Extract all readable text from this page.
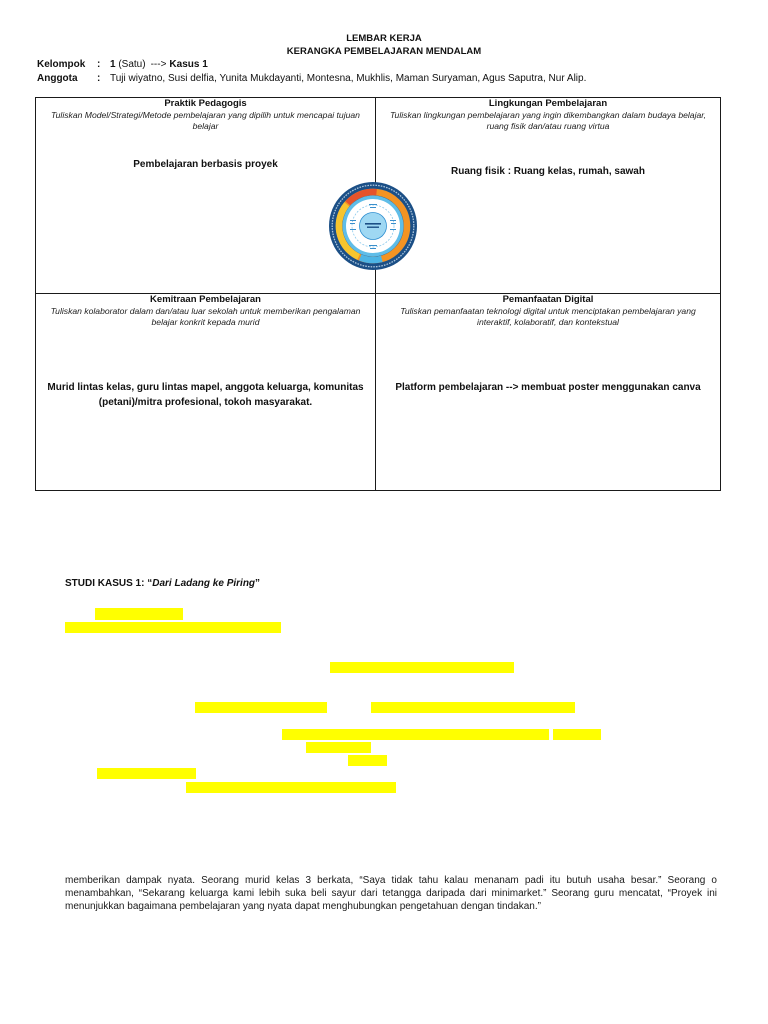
LEMBAR KERJA
KERANGKA PEMBELAJARAN MENDALAM
Kelompok : 1 (Satu) ---> Kasus 1
Anggota : Tuji wiyatno, Susi delfia, Yunita Mukdayanti, Montesna, Mukhlis, Maman Suryaman, Agus Saputra, Nur Alip.
Praktik Pedagogis
Tuliskan Model/Strategi/Metode pembelajaran yang dipilih untuk mencapai tujuan belajar
Pembelajaran berbasis proyek
Lingkungan Pembelajaran
Tuliskan lingkungan pembelajaran yang ingin dikembangkan dalam budaya belajar, ruang fisik dan/atau ruang virtua
Ruang fisik : Ruang kelas, rumah, sawah
Kemitraan Pembelajaran
Tuliskan kolaborator dalam dan/atau luar sekolah untuk memberikan pengalaman belajar konkrit kepada murid
Murid lintas kelas, guru lintas mapel, anggota keluarga, komunitas (petani)/mitra profesional, tokoh masyarakat.
Pemanfaatan Digital
Tuliskan pemanfaatan teknologi digital untuk menciptakan pembelajaran yang interaktif, kolaboratif, dan kontekstual
Platform pembelajaran --> membuat poster menggunakan canva
STUDI KASUS 1: “Dari Ladang ke Piring”
memberikan dampak nyata. Seorang murid kelas 3 berkata, “Saya tidak tahu kalau menanam padi itu butuh usaha besar.” Seorang o
menambahkan, “Sekarang keluarga kami lebih suka beli sayur dari tetangga daripada dari minimarket.” Seorang guru mencatat, “Proyek ini
menunjukkan bagaimana pembelajaran yang nyata dapat menghubungkan pengetahuan dengan tindakan.”
